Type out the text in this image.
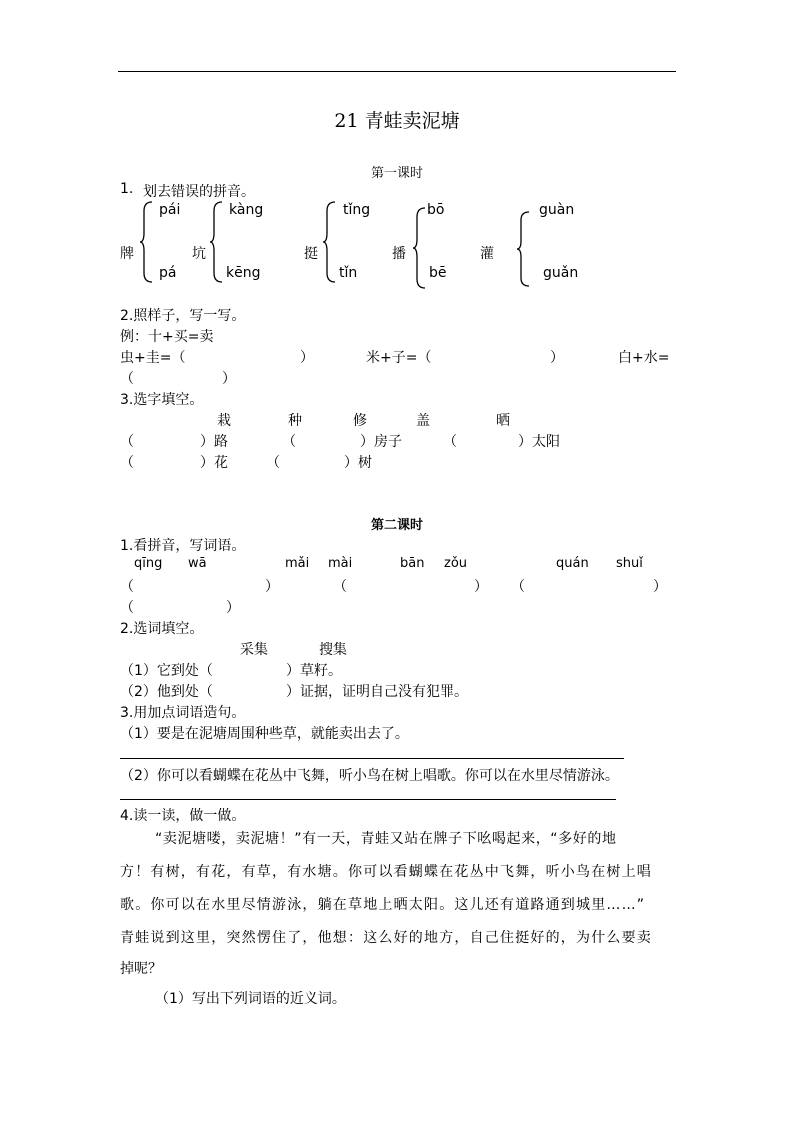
21 青蛙卖泥塘
第一课时
1. 划去错误的拼音。
牌
pái
pá
坑
kàng
kēng
挺
tǐng
tǐn
播
bō
bē
灌
guàn
guǎn
2.照样子，写一写。
例：十+买=卖
虫+圭=（	）	米+子=（	）	白+水=
（	）
3.选字填空。
栽	种	修	盖	晒
（	）路	（	）房子	（	）太阳
（	）花	（	）树
第二课时
1.看拼音，写词语。
qīng wā	mǎi mài	bān zǒu	quán shuǐ
（	）	（	） （	）
（	）
2.选词填空。
采集	搜集
（1）它到处（	）草籽。
（2）他到处（	）证据，证明自己没有犯罪。
3.用加点词语造句。
（1）要是在泥塘周围种些草，就能卖出去了。
（2）你可以看蝴蝶在花丛中飞舞，听小鸟在树上唱歌。你可以在水里尽情游泳。
4.读一读，做一做。
“卖泥塘喽，卖泥塘！”有一天，青蛙又站在牌子下吆喝起来，“多好的地
方！有树，有花，有草，有水塘。你可以看蝴蝶在花丛中飞舞，听小鸟在树上唱
歌。你可以在水里尽情游泳，躺在草地上晒太阳。这儿还有道路通到城里……”
青蛙说到这里，突然愣住了，他想：这么好的地方，自己住挺好的，为什么要卖
掉呢？
（1）写出下列词语的近义词。
